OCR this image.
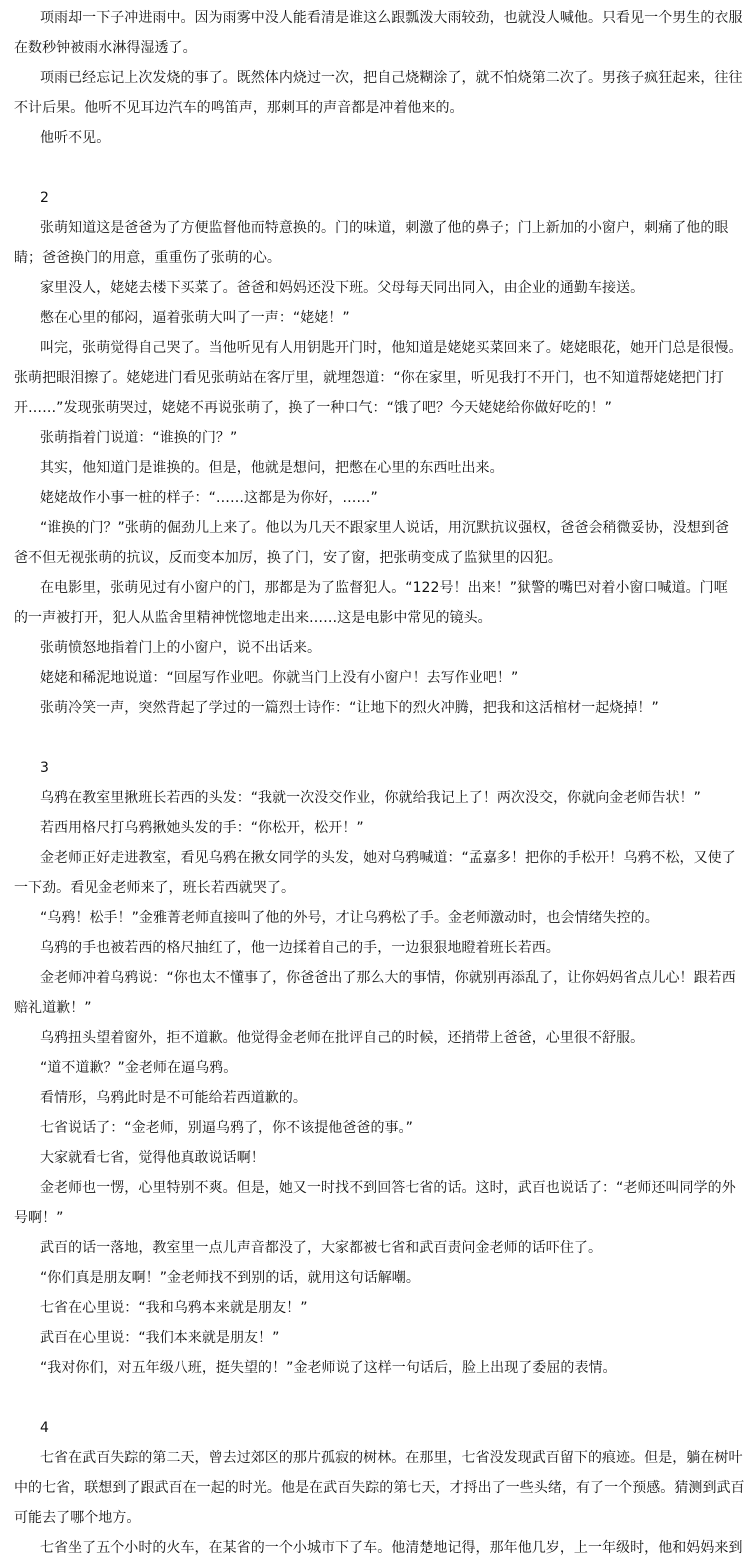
项雨却一下子冲进雨中。因为雨雾中没人能看清是谁这么跟瓢泼大雨较劲，也就没人喊他。只看见一个男生的衣服
在数秒钟被雨水淋得湿透了。
项雨已经忘记上次发烧的事了。既然体内烧过一次，把自己烧糊涂了，就不怕烧第二次了。男孩子疯狂起来，往往
不计后果。他听不见耳边汽车的鸣笛声，那刺耳的声音都是冲着他来的。
他听不见。
2
张萌知道这是爸爸为了方便监督他而特意换的。门的味道，刺激了他的鼻子；门上新加的小窗户，刺痛了他的眼
睛；爸爸换门的用意，重重伤了张萌的心。
家里没人，姥姥去楼下买菜了。爸爸和妈妈还没下班。父母每天同出同入，由企业的通勤车接送。
憋在心里的郁闷，逼着张萌大叫了一声：“姥姥！”
叫完，张萌觉得自己哭了。当他听见有人用钥匙开门时，他知道是姥姥买菜回来了。姥姥眼花，她开门总是很慢。
张萌把眼泪擦了。姥姥进门看见张萌站在客厅里，就埋怨道：“你在家里，听见我打不开门，也不知道帮姥姥把门打
开……”发现张萌哭过，姥姥不再说张萌了，换了一种口气：“饿了吧？今天姥姥给你做好吃的！”
张萌指着门说道：“谁换的门？”
其实，他知道门是谁换的。但是，他就是想问，把憋在心里的东西吐出来。
姥姥故作小事一桩的样子：“……这都是为你好，……”
“谁换的门？”张萌的倔劲儿上来了。他以为几天不跟家里人说话，用沉默抗议强权，爸爸会稍微妥协，没想到爸
爸不但无视张萌的抗议，反而变本加厉，换了门，安了窗，把张萌变成了监狱里的囚犯。
在电影里，张萌见过有小窗户的门，那都是为了监督犯人。“122号！出来！”狱警的嘴巴对着小窗口喊道。门哐
的一声被打开，犯人从监舍里精神恍惚地走出来……这是电影中常见的镜头。
张萌愤怒地指着门上的小窗户，说不出话来。
姥姥和稀泥地说道：“回屋写作业吧。你就当门上没有小窗户！去写作业吧！”
张萌冷笑一声，突然背起了学过的一篇烈士诗作：“让地下的烈火冲腾，把我和这活棺材一起烧掉！”
3
乌鸦在教室里揪班长若西的头发：“我就一次没交作业，你就给我记上了！两次没交，你就向金老师告状！”
若西用格尺打乌鸦揪她头发的手：“你松开，松开！”
金老师正好走进教室，看见乌鸦在揪女同学的头发，她对乌鸦喊道：“孟嘉多！把你的手松开！乌鸦不松，又使了
一下劲。看见金老师来了，班长若西就哭了。
“乌鸦！松手！”金雅菁老师直接叫了他的外号，才让乌鸦松了手。金老师激动时，也会情绪失控的。
乌鸦的手也被若西的格尺抽红了，他一边揉着自己的手，一边狠狠地瞪着班长若西。
金老师冲着乌鸦说：“你也太不懂事了，你爸爸出了那么大的事情，你就别再添乱了，让你妈妈省点儿心！跟若西
赔礼道歉！”
乌鸦扭头望着窗外，拒不道歉。他觉得金老师在批评自己的时候，还捎带上爸爸，心里很不舒服。
“道不道歉？”金老师在逼乌鸦。
看情形，乌鸦此时是不可能给若西道歉的。
七省说话了：“金老师，别逼乌鸦了，你不该提他爸爸的事。”
大家就看七省，觉得他真敢说话啊！
金老师也一愣，心里特别不爽。但是，她又一时找不到回答七省的话。这时，武百也说话了：“老师还叫同学的外
号啊！”
武百的话一落地，教室里一点儿声音都没了，大家都被七省和武百责问金老师的话吓住了。
“你们真是朋友啊！”金老师找不到别的话，就用这句话解嘲。
七省在心里说：“我和乌鸦本来就是朋友！”
武百在心里说：“我们本来就是朋友！”
“我对你们，对五年级八班，挺失望的！”金老师说了这样一句话后，脸上出现了委屈的表情。
4
七省在武百失踪的第二天，曾去过郊区的那片孤寂的树林。在那里，七省没发现武百留下的痕迹。但是，躺在树叶
中的七省，联想到了跟武百在一起的时光。他是在武百失踪的第七天，才捋出了一些头绪，有了一个预感。猜测到武百
可能去了哪个地方。
七省坐了五个小时的火车，在某省的一个小城市下了车。他清楚地记得，那年他几岁，上一年级时，他和妈妈来到
